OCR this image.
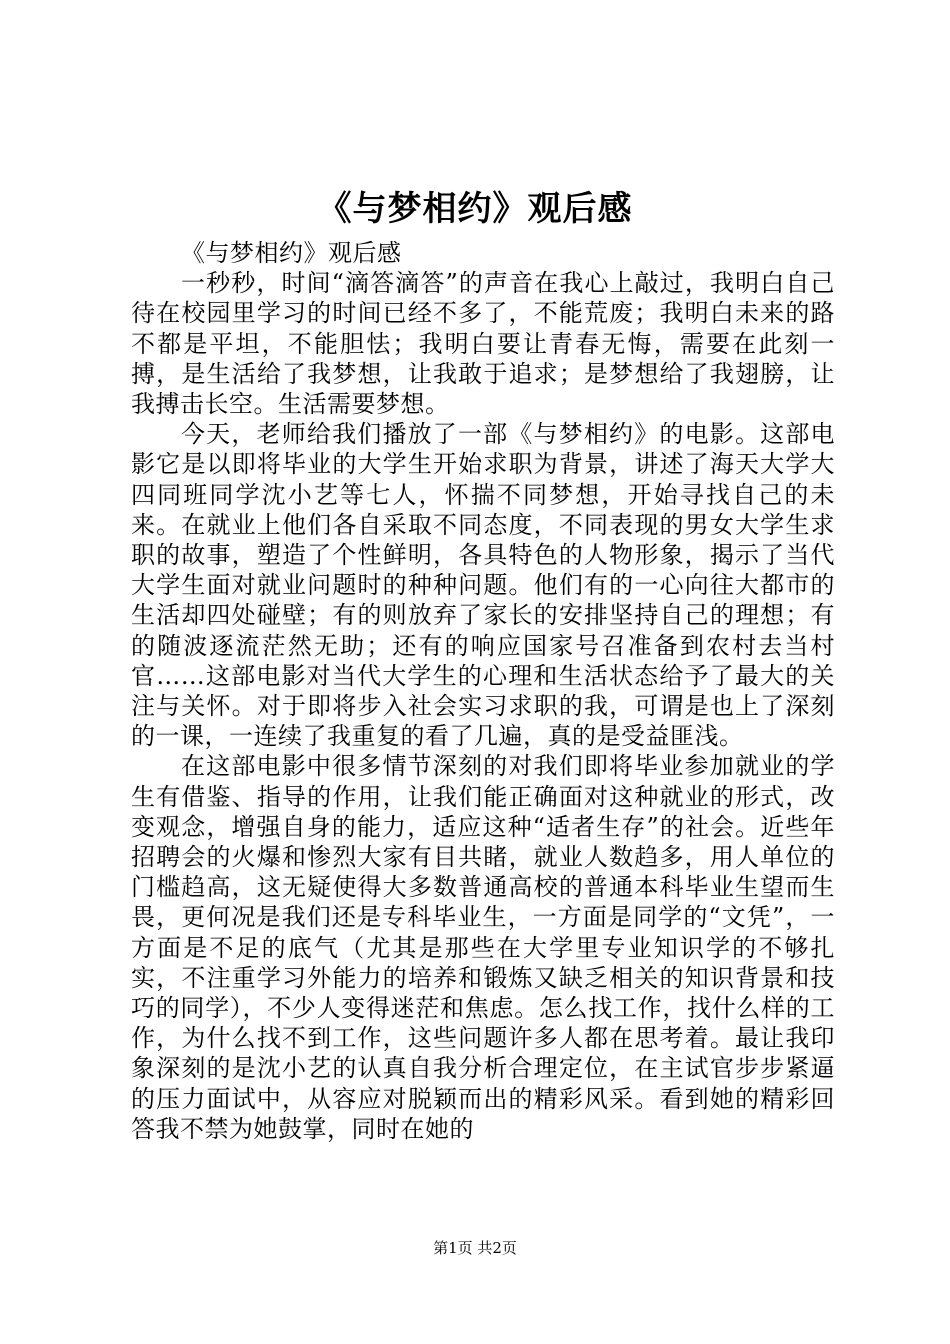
《与梦相约》观后感

《与梦相约》观后感

一秒秒，时间“滴答滴答”的声音在我心上敲过，我明白自己待在校园里学习的时间已经不多了，不能荒废；我明白未来的路不都是平坦，不能胆怯；我明白要让青春无悔，需要在此刻一搏，是生活给了我梦想，让我敢于追求；是梦想给了我翅膀，让我搏击长空。生活需要梦想。

今天，老师给我们播放了一部《与梦相约》的电影。这部电影它是以即将毕业的大学生开始求职为背景，讲述了海天大学大四同班同学沈小艺等七人，怀揣不同梦想，开始寻找自己的未来。在就业上他们各自采取不同态度，不同表现的男女大学生求职的故事，塑造了个性鲜明，各具特色的人物形象，揭示了当代大学生面对就业问题时的种种问题。他们有的一心向往大都市的生活却四处碰壁；有的则放弃了家长的安排坚持自己的理想；有的随波逐流茫然无助；还有的响应国家号召准备到农村去当村官……这部电影对当代大学生的心理和生活状态给予了最大的关注与关怀。对于即将步入社会实习求职的我，可谓是也上了深刻的一课，一连续了我重复的看了几遍，真的是受益匪浅。

在这部电影中很多情节深刻的对我们即将毕业参加就业的学生有借鉴、指导的作用，让我们能正确面对这种就业的形式，改变观念，增强自身的能力，适应这种“适者生存”的社会。近些年招聘会的火爆和惨烈大家有目共睹，就业人数趋多，用人单位的门槛趋高，这无疑使得大多数普通高校的普通本科毕业生望而生畏，更何况是我们还是专科毕业生，一方面是同学的“文凭”，一方面是不足的底气（尤其是那些在大学里专业知识学的不够扎实，不注重学习外能力的培养和锻炼又缺乏相关的知识背景和技巧的同学），不少人变得迷茫和焦虑。怎么找工作，找什么样的工作，为什么找不到工作，这些问题许多人都在思考着。最让我印象深刻的是沈小艺的认真自我分析合理定位，在主试官步步紧逼的压力面试中，从容应对脱颖而出的精彩风采。看到她的精彩回答我不禁为她鼓掌，同时在她的

第1页 共2页
